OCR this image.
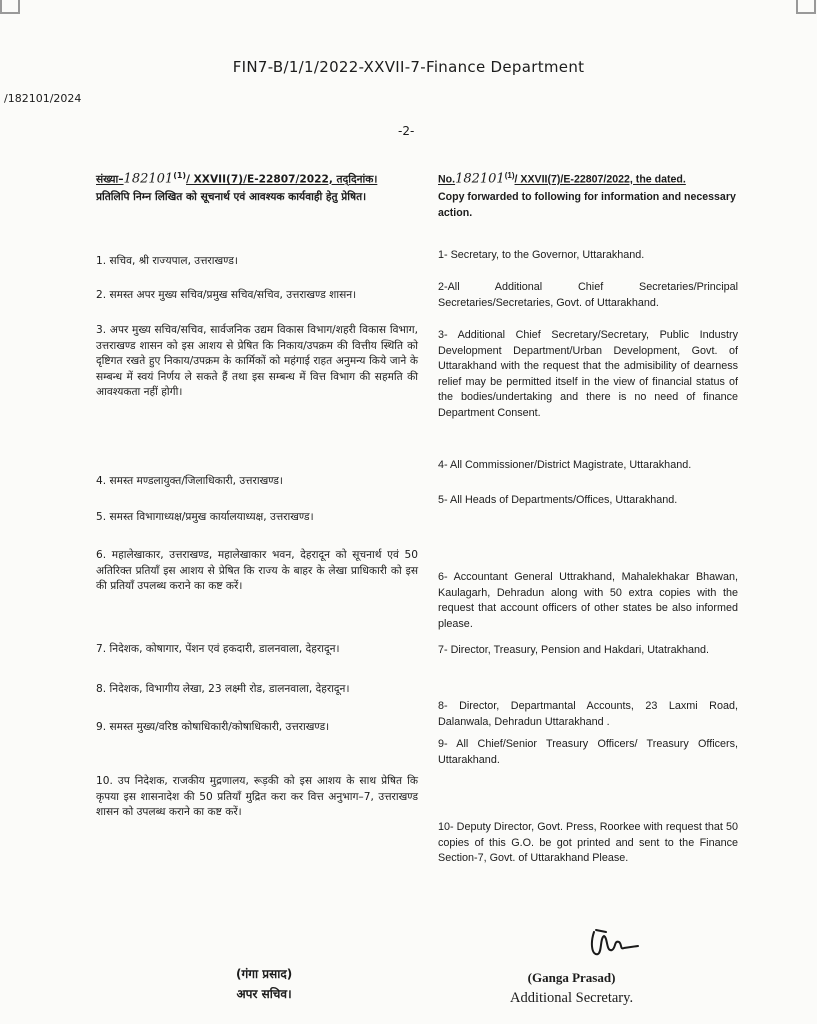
FIN7-B/1/1/2022-XXVII-7-Finance Department
/182101/2024
-2-
संख्या–182101$^{(1)}$/ XXVII(7)/E-22807/2022, तद्‌दिनांक।
प्रतिलिपि निम्न लिखित को सूचनार्थ एवं आवश्यक कार्यवाही हेतु प्रेषित।
1. सचिव, श्री राज्यपाल, उत्तराखण्ड।
2. समस्त अपर मुख्य सचिव/प्रमुख सचिव/सचिव, उत्तराखण्ड शासन।
3. अपर मुख्य सचिव/सचिव, सार्वजनिक उद्यम विकास विभाग/शहरी विकास विभाग, उत्तराखण्ड शासन को इस आशय से प्रेषित कि निकाय/उपक्रम की वित्तीय स्थिति को दृष्टिगत रखते हुए निकाय/उपक्रम के कार्मिकों को महंगाई राहत अनुमन्य किये जाने के सम्बन्ध में स्वयं निर्णय ले सकते हैं तथा इस सम्बन्ध में वित्त विभाग की सहमति की आवश्यकता नहीं होगी।
4. समस्त मण्डलायुक्त/जिलाधिकारी, उत्तराखण्ड।
5. समस्त विभागाध्यक्ष/प्रमुख कार्यालयाध्यक्ष, उत्तराखण्ड।
6. महालेखाकार, उत्तराखण्ड, महालेखाकार भवन, देहरादून को सूचनार्थ एवं 50 अतिरिक्त प्रतियाँ इस आशय से प्रेषित कि राज्य के बाहर के लेखा प्राधिकारी को इस की प्रतियाँ उपलब्ध कराने का कष्ट करें।
7. निदेशक, कोषागार, पेंशन एवं हकदारी, डालनवाला, देहरादून।
8. निदेशक, विभागीय लेखा, 23 लक्ष्मी रोड, डालनवाला, देहरादून।
9. समस्त मुख्य/वरिष्ठ कोषाधिकारी/कोषाधिकारी, उत्तराखण्ड।
10. उप निदेशक, राजकीय मुद्रणालय, रूड़की को इस आशय के साथ प्रेषित कि कृपया इस शासनादेश की 50 प्रतियाँ मुद्रित करा कर वित्त अनुभाग–7, उत्तराखण्ड शासन को उपलब्ध कराने का कष्ट करें।
No.182101$^{(1)}$/ XXVII(7)/E-22807/2022, the dated.
Copy forwarded to following for information and necessary action.
1- Secretary, to the Governor, Uttarakhand.
2-All Additional Chief Secretaries/Principal Secretaries/Secretaries, Govt. of Uttarakhand.
3- Additional Chief Secretary/Secretary, Public Industry Development Department/Urban Development, Govt. of Uttarakhand with the request that the admisibility of dearness relief may be permitted itself in the view of financial status of the bodies/undertaking and there is no need of finance Department Consent.
4- All Commissioner/District Magistrate, Uttarakhand.
5- All Heads of Departments/Offices, Uttarakhand.
6- Accountant General Uttrakhand, Mahalekhakar Bhawan, Kaulagarh, Dehradun along with 50 extra copies with the request that account officers of other states be also informed please.
7- Director, Treasury, Pension and Hakdari, Utatrakhand.
8- Director, Departmantal Accounts, 23 Laxmi Road, Dalanwala, Dehradun Uttarakhand .
9- All Chief/Senior Treasury Officers/ Treasury Officers, Uttarakhand.
10- Deputy Director, Govt. Press, Roorkee with request that 50 copies of this G.O. be got printed and sent to the Finance Section-7, Govt. of Uttarakhand Please.
(गंगा प्रसाद)
अपर सचिव।
(Ganga Prasad)
Additional Secretary.
